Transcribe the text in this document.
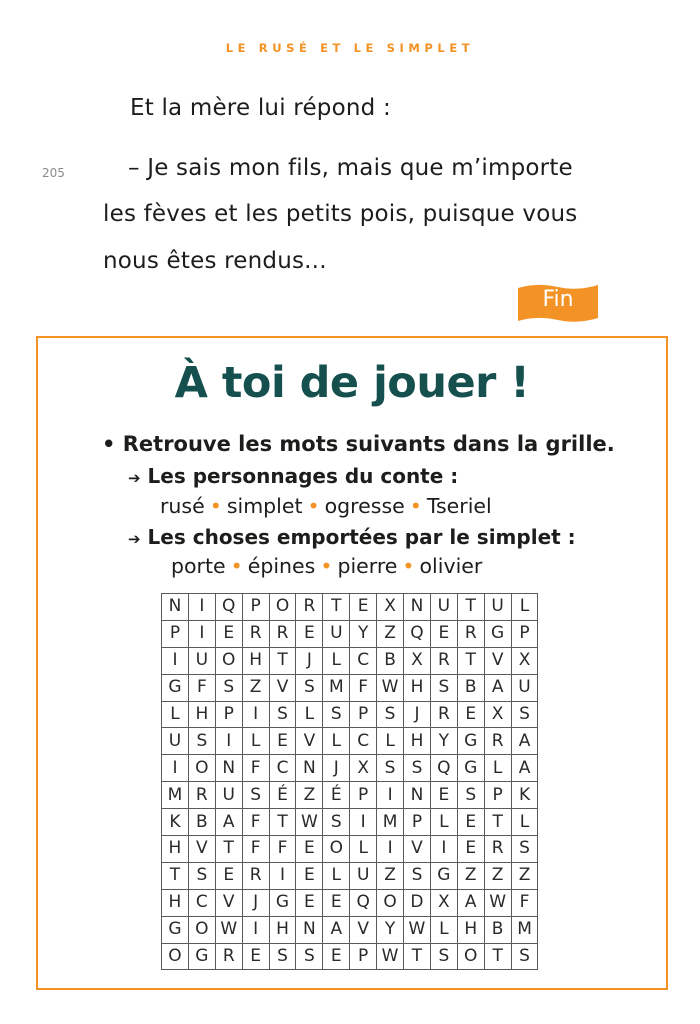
LE RUSÉ ET LE SIMPLET
Et la mère lui répond :
205	– Je sais mon fils, mais que m’importe
les fèves et les petits pois, puisque vous
nous êtes rendus...
Fin
À toi de jouer !
• Retrouve les mots suivants dans la grille.
➔ Les personnages du conte :
rusé • simplet • ogresse • Tseriel
➔ Les choses emportées par le simplet :
porte • épines • pierre • olivier
N	I	Q	P	O	R	T	E	X	N	U	T	U	L
P	I	E	R	R	E	U	Y	Z	Q	E	R	G	P
I	U	O	H	T	J	L	C	B	X	R	T	V	X
G	F	S	Z	V	S	M	F	W	H	S	B	A	U
L	H	P	I	S	L	S	P	S	J	R	E	X	S
U	S	I	L	E	V	L	C	L	H	Y	G	R	A
I	O	N	F	C	N	J	X	S	S	Q	G	L	A
M	R	U	S	É	Z	É	P	I	N	E	S	P	K
K	B	A	F	T	W	S	I	M	P	L	E	T	L
H	V	T	F	F	E	O	L	I	V	I	E	R	S
T	S	E	R	I	E	L	U	Z	S	G	Z	Z	Z
H	C	V	J	G	E	E	Q	O	D	X	A	W	F
G	O	W	I	H	N	A	V	Y	W	L	H	B	M
O	G	R	E	S	S	E	P	W	T	S	O	T	S
